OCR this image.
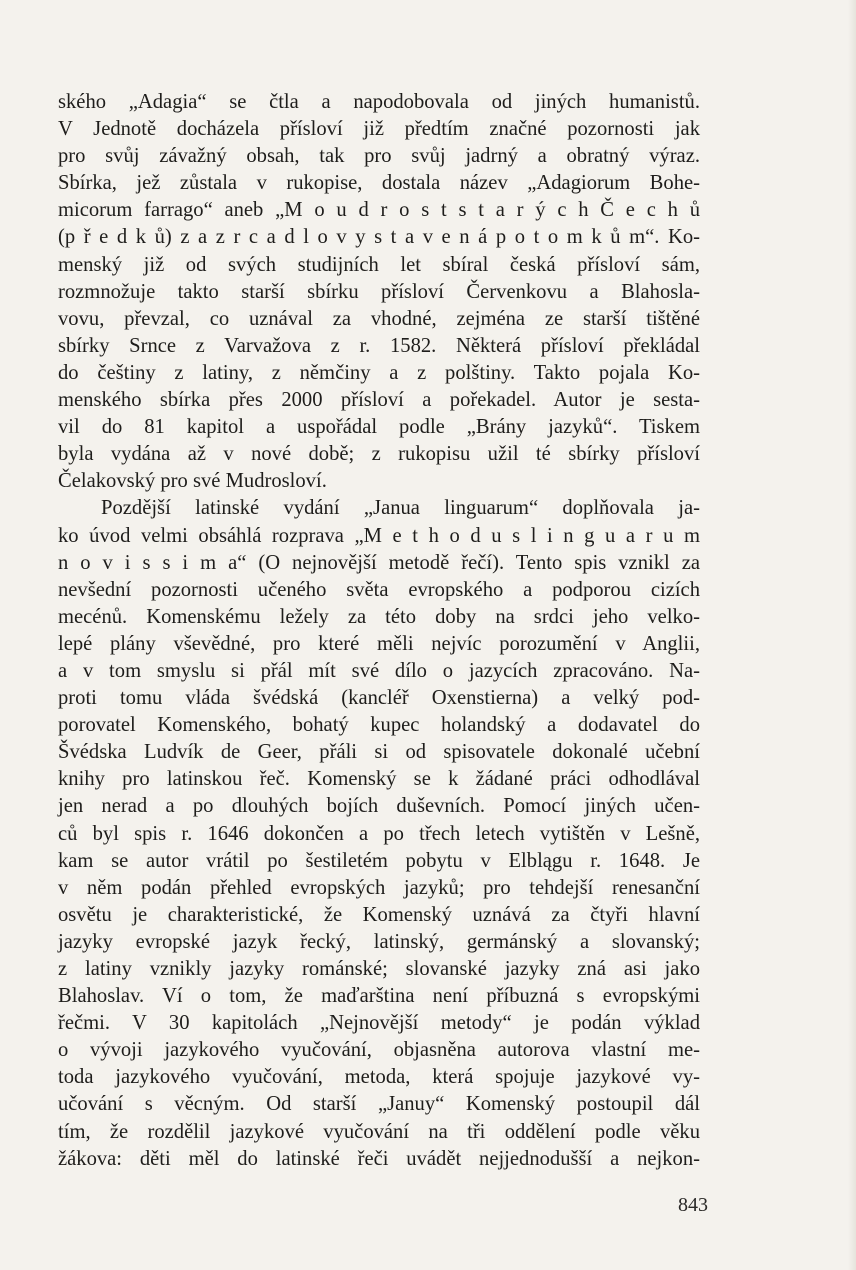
ského „Adagia“ se čtla a napodobovala od jiných humanistů.
V Jednotě docházela přísloví již předtím značné pozornosti jak
pro svůj závažný obsah, tak pro svůj jadrný a obratný výraz.
Sbírka, jež zůstala v rukopise, dostala název „Adagiorum Bohe-
micorum farrago“ aneb „M o u d r o s t s t a r ý c h Č e c h ů
(p ř e d k ů) z a z r c a d l o v y s t a v e n á p o t o m k ů m“. Ko-
menský již od svých studijních let sbíral česká přísloví sám,
rozmnožuje takto starší sbírku přísloví Červenkovu a Blahosla-
vovu, převzal, co uznával za vhodné, zejména ze starší tištěné
sbírky Srnce z Varvažova z r. 1582. Některá přísloví překládal
do češtiny z latiny, z němčiny a z polštiny. Takto pojala Ko-
menského sbírka přes 2000 přísloví a pořekadel. Autor je sesta-
vil do 81 kapitol a uspořádal podle „Brány jazyků“. Tiskem
byla vydána až v nové době; z rukopisu užil té sbírky přísloví
Čelakovský pro své Mudrosloví.
Pozdější latinské vydání „Janua linguarum“ doplňovala ja-
ko úvod velmi obsáhlá rozprava „M e t h o d u s l i n g u a r u m
n o v i s s i m a“ (O nejnovější metodě řečí). Tento spis vznikl za
nevšední pozornosti učeného světa evropského a podporou cizích
mecénů. Komenskému ležely za této doby na srdci jeho velko-
lepé plány vševědné, pro které měli nejvíc porozumění v Anglii,
a v tom smyslu si přál mít své dílo o jazycích zpracováno. Na-
proti tomu vláda švédská (kancléř Oxenstierna) a velký pod-
porovatel Komenského, bohatý kupec holandský a dodavatel do
Švédska Ludvík de Geer, přáli si od spisovatele dokonalé učební
knihy pro latinskou řeč. Komenský se k žádané práci odhodlával
jen nerad a po dlouhých bojích duševních. Pomocí jiných učen-
ců byl spis r. 1646 dokončen a po třech letech vytištěn v Lešně,
kam se autor vrátil po šestiletém pobytu v Elblągu r. 1648. Je
v něm podán přehled evropských jazyků; pro tehdejší renesanční
osvětu je charakteristické, že Komenský uznává za čtyři hlavní
jazyky evropské jazyk řecký, latinský, germánský a slovanský;
z latiny vznikly jazyky románské; slovanské jazyky zná asi jako
Blahoslav. Ví o tom, že maďarština není příbuzná s evropskými
řečmi. V 30 kapitolách „Nejnovější metody“ je podán výklad
o vývoji jazykového vyučování, objasněna autorova vlastní me-
toda jazykového vyučování, metoda, která spojuje jazykové vy-
učování s věcným. Od starší „Januy“ Komenský postoupil dál
tím, že rozdělil jazykové vyučování na tři oddělení podle věku
žákova: děti měl do latinské řeči uvádět nejjednodušší a nejkon-
843
